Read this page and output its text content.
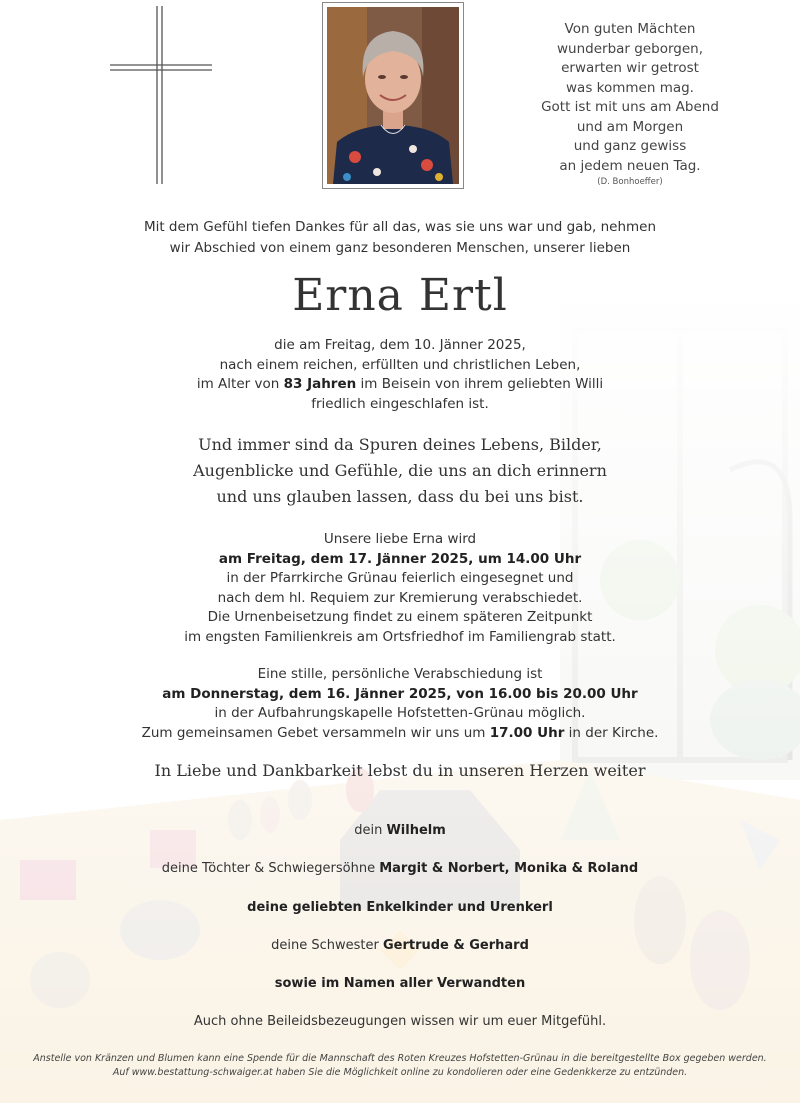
Von guten Mächten
wunderbar geborgen,
erwarten wir getrost
was kommen mag.
Gott ist mit uns am Abend
und am Morgen
und ganz gewiss
an jedem neuen Tag.
(D. Bonhoeffer)
Mit dem Gefühl tiefen Dankes für all das, was sie uns war und gab, nehmen
wir Abschied von einem ganz besonderen Menschen, unserer lieben
Erna Ertl
die am Freitag, dem 10. Jänner 2025,
nach einem reichen, erfüllten und christlichen Leben,
im Alter von 83 Jahren im Beisein von ihrem geliebten Willi
friedlich eingeschlafen ist.
Und immer sind da Spuren deines Lebens, Bilder,
Augenblicke und Gefühle, die uns an dich erinnern
und uns glauben lassen, dass du bei uns bist.
Unsere liebe Erna wird
am Freitag, dem 17. Jänner 2025, um 14.00 Uhr
in der Pfarrkirche Grünau feierlich eingesegnet und
nach dem hl. Requiem zur Kremierung verabschiedet.
Die Urnenbeisetzung findet zu einem späteren Zeitpunkt
im engsten Familienkreis am Ortsfriedhof im Familiengrab statt.
Eine stille, persönliche Verabschiedung ist
am Donnerstag, dem 16. Jänner 2025, von 16.00 bis 20.00 Uhr
in der Aufbahrungskapelle Hofstetten-Grünau möglich.
Zum gemeinsamen Gebet versammeln wir uns um 17.00 Uhr in der Kirche.
In Liebe und Dankbarkeit lebst du in unseren Herzen weiter
dein Wilhelm
deine Töchter & Schwiegersöhne Margit & Norbert, Monika & Roland
deine geliebten Enkelkinder und Urenkerl
deine Schwester Gertrude & Gerhard
sowie im Namen aller Verwandten
Auch ohne Beileidsbezeugungen wissen wir um euer Mitgefühl.
Anstelle von Kränzen und Blumen kann eine Spende für die Mannschaft des Roten Kreuzes Hofstetten-Grünau in die bereitgestellte Box gegeben werden.
Auf www.bestattung-schwaiger.at haben Sie die Möglichkeit online zu kondolieren oder eine Gedenkkerze zu entzünden.
